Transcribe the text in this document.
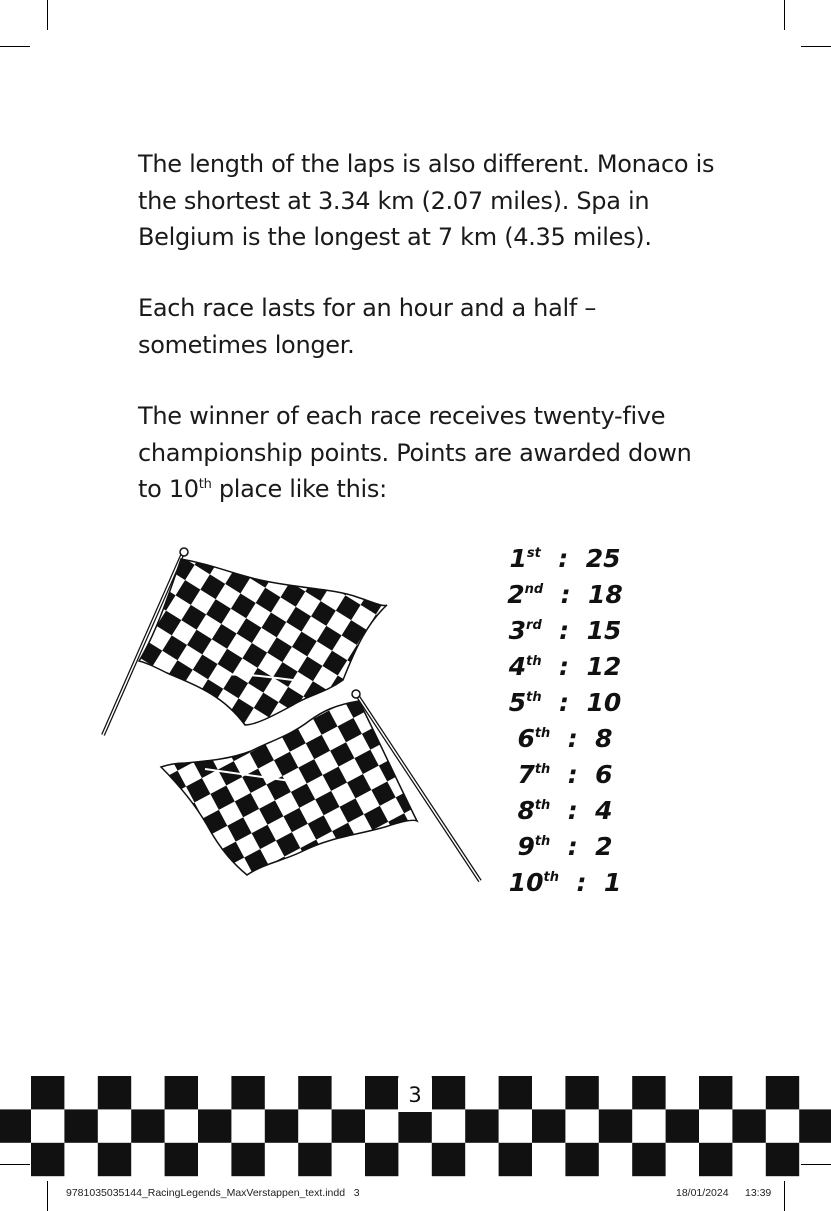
The length of the laps is also different. Monaco is the shortest at 3.34 km (2.07 miles). Spa in Belgium is the longest at 7 km (4.35 miles).

Each race lasts for an hour and a half – sometimes longer.

The winner of each race receives twenty-five championship points. Points are awarded down to 10th place like this:

1st  :  25
2nd  :  18
3rd  :  15
4th  :  12
5th  :  10
6th  :  8
7th  :  6
8th  :  4
9th  :  2
10th  :  1
3
9781035035144_RacingLegends_MaxVerstappen_text.indd   3	18/01/2024 13:39
